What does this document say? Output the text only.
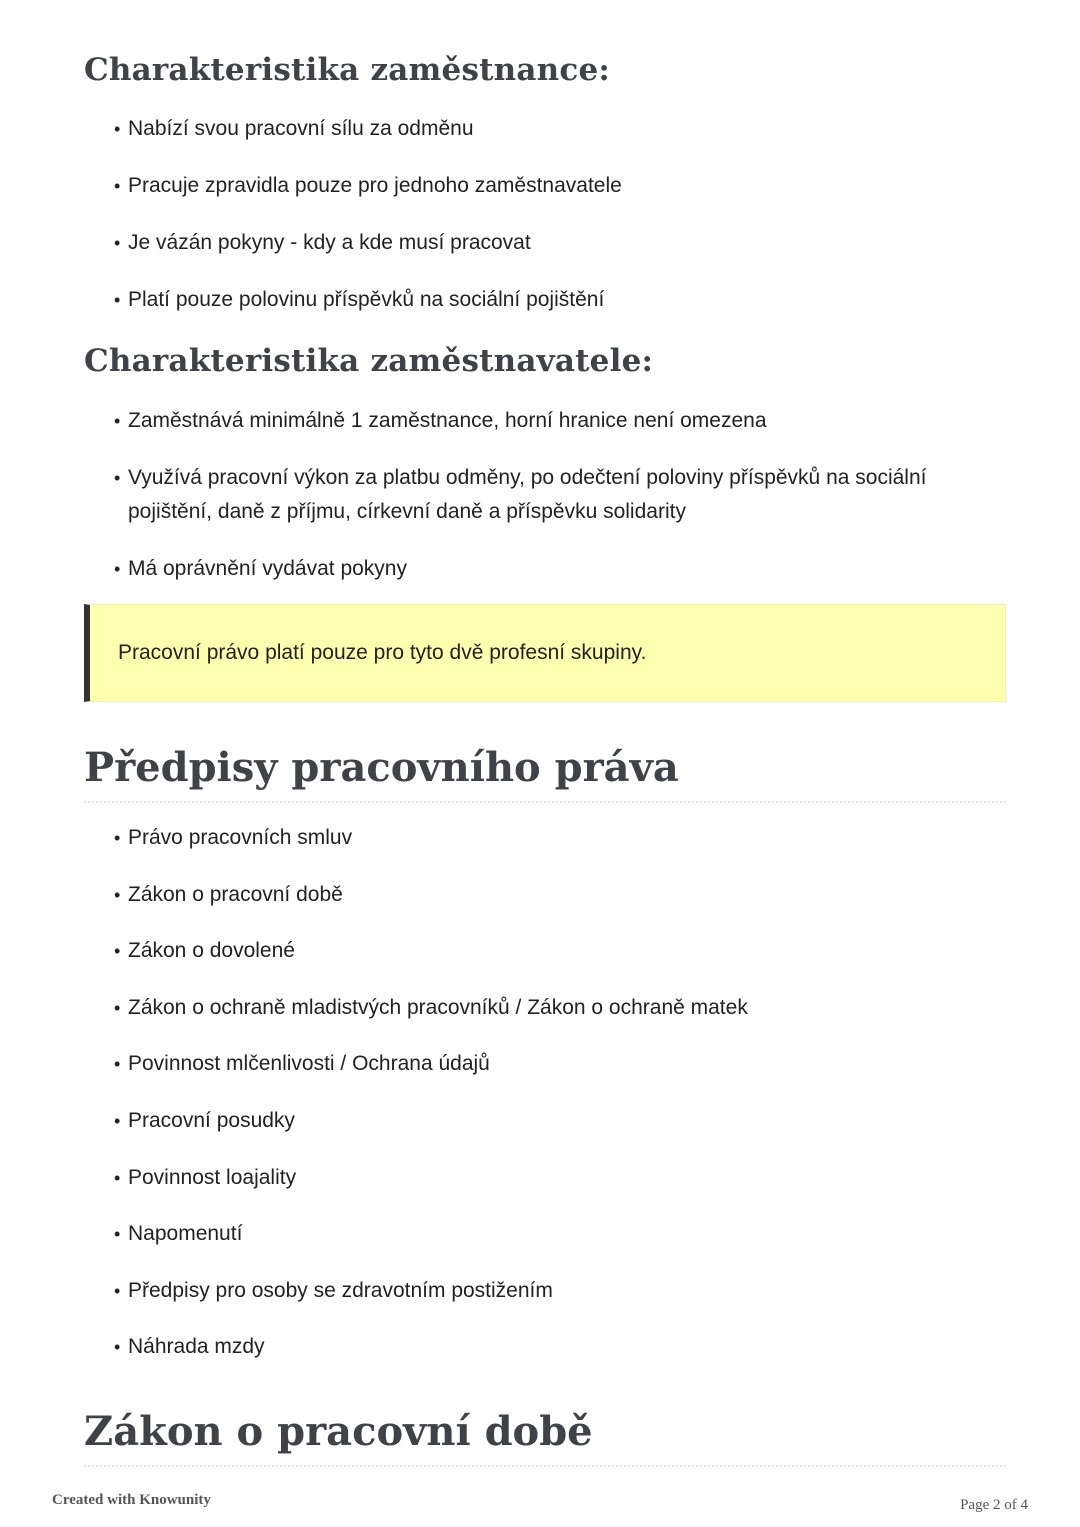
Charakteristika zaměstnance:
• Nabízí svou pracovní sílu za odměnu
• Pracuje zpravidla pouze pro jednoho zaměstnavatele
• Je vázán pokyny - kdy a kde musí pracovat
• Platí pouze polovinu příspěvků na sociální pojištění
Charakteristika zaměstnavatele:
• Zaměstnává minimálně 1 zaměstnance, horní hranice není omezena
• Využívá pracovní výkon za platbu odměny, po odečtení poloviny příspěvků na sociální pojištění, daně z příjmu, církevní daně a příspěvku solidarity
• Má oprávnění vydávat pokyny
Pracovní právo platí pouze pro tyto dvě profesní skupiny.
Předpisy pracovního práva
• Právo pracovních smluv
• Zákon o pracovní době
• Zákon o dovolené
• Zákon o ochraně mladistvých pracovníků / Zákon o ochraně matek
• Povinnost mlčenlivosti / Ochrana údajů
• Pracovní posudky
• Povinnost loajality
• Napomenutí
• Předpisy pro osoby se zdravotním postižením
• Náhrada mzdy
Zákon o pracovní době
Created with Knowunity	Page 2 of 4
